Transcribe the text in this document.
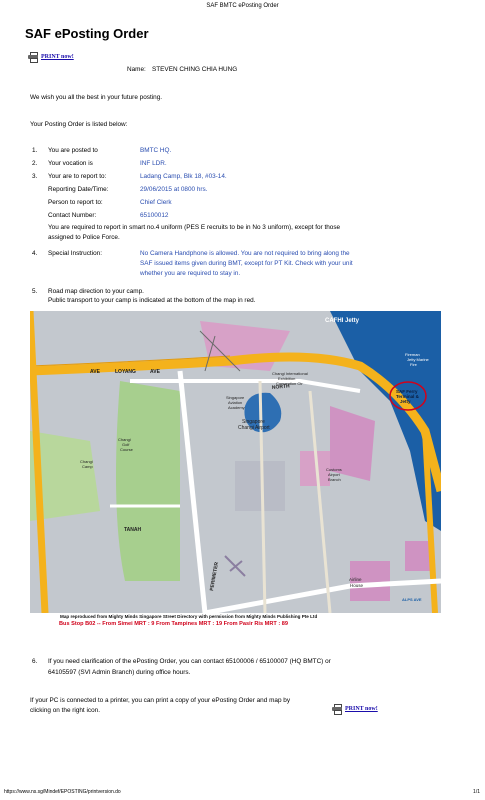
SAF BMTC ePosting Order
SAF ePosting Order
PRINT now!
Name: STEVEN CHING CHIA HUNG
We wish you all the best in your future posting.
Your Posting Order is listed below:
1. You are posted to	BMTC HQ.
2. Your vocation is	INF LDR.
3. Your are to report to:	Ladang Camp, Blk 18, #03-14.
Reporting Date/Time:	29/06/2015 at 0800 hrs.
Person to report to:	Chief Clerk
Contact Number:	65100012
You are required to report in smart no.4 uniform (PES E recruits to be in No 3 uniform), except for those
assigned to Police Force.
4. Special Instruction:	No Camera Handphone is allowed. You are not required to bring along the
SAF issued items given during BMT, except for PT Kit. Check with your unit
whether you are required to stay in.
5. Road map direction to your camp.
Public transport to your camp is indicated at the bottom of the map in red.
CAFHI Jetty
SAF Ferry
Terminal &
Jetty
Fireman
Jetty Marine
Fire
Changi International
Exhibition
Convention Ctr
Singapore
Aviation
Academy
Singapore
Changi Airport
Customs
Airport
Branch
Airline
House
Changi
Golf
Course
Changi
Camp
AVE	LOYANG	AVE
NORTH
PERIMETER
TANAH
ALPS AVE
Map reproduced from Mighty Minds Singapore Street Directory with permission from Mighty Minds Publishing Pte Ltd
Bus Stop B02 -- From Simei MRT : 9 From Tampines MRT : 19 From Pasir Ris MRT : 89
6. If you need clarification of the ePosting Order, you can contact 65100006 / 65100007 (HQ BMTC) or
64105597 (SVI Admin Branch) during office hours.
If your PC is connected to a printer, you can print a copy of your ePosting Order and map by
clicking on the right icon.	PRINT now!
https://www.ns.sg/Mindef/EPOSTING/printversion.do	1/1
